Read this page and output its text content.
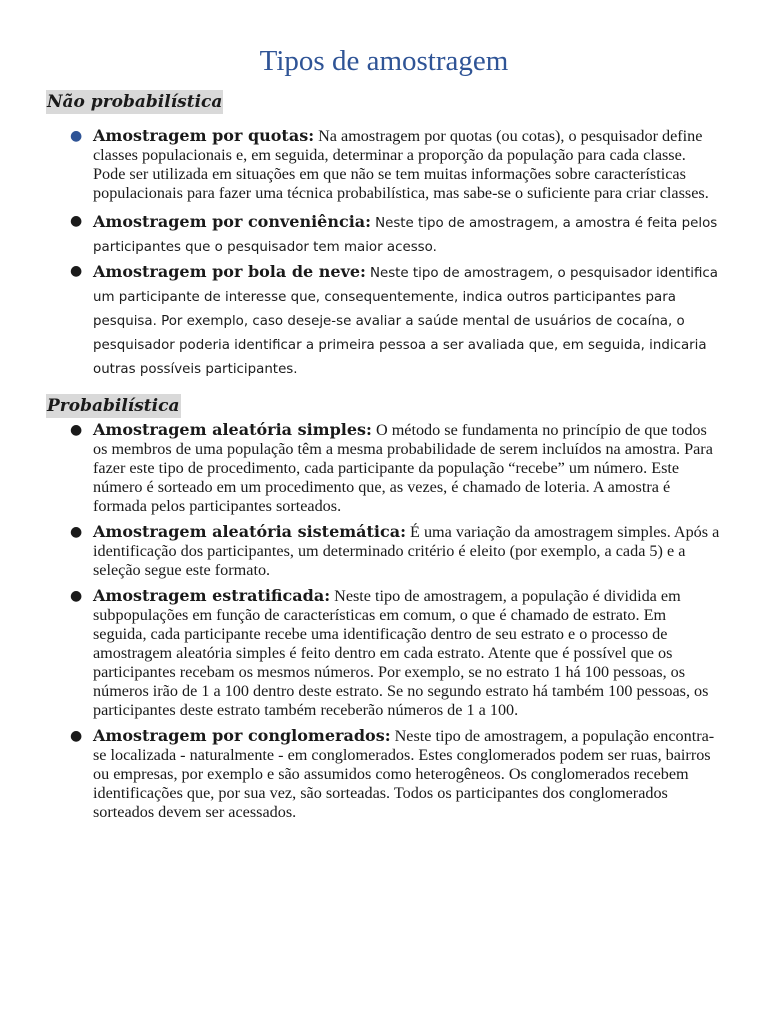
Tipos de amostragem
Não probabilística
● Amostragem por quotas: Na amostragem por quotas (ou cotas), o pesquisador define classes populacionais e, em seguida, determinar a proporção da população para cada classe. Pode ser utilizada em situações em que não se tem muitas informações sobre características populacionais para fazer uma técnica probabilística, mas sabe-se o suficiente para criar classes.
● Amostragem por conveniência: Neste tipo de amostragem, a amostra é feita pelos participantes que o pesquisador tem maior acesso.
● Amostragem por bola de neve: Neste tipo de amostragem, o pesquisador identifica um participante de interesse que, consequentemente, indica outros participantes para pesquisa. Por exemplo, caso deseje-se avaliar a saúde mental de usuários de cocaína, o pesquisador poderia identificar a primeira pessoa a ser avaliada que, em seguida, indicaria outras possíveis participantes.
Probabilística
● Amostragem aleatória simples: O método se fundamenta no princípio de que todos os membros de uma população têm a mesma probabilidade de serem incluídos na amostra. Para fazer este tipo de procedimento, cada participante da população “recebe” um número. Este número é sorteado em um procedimento que, as vezes, é chamado de loteria. A amostra é formada pelos participantes sorteados.
● Amostragem aleatória sistemática: É uma variação da amostragem simples. Após a identificação dos participantes, um determinado critério é eleito (por exemplo, a cada 5) e a seleção segue este formato.
● Amostragem estratificada: Neste tipo de amostragem, a população é dividida em subpopulações em função de características em comum, o que é chamado de estrato. Em seguida, cada participante recebe uma identificação dentro de seu estrato e o processo de amostragem aleatória simples é feito dentro em cada estrato. Atente que é possível que os participantes recebam os mesmos números. Por exemplo, se no estrato 1 há 100 pessoas, os números irão de 1 a 100 dentro deste estrato. Se no segundo estrato há também 100 pessoas, os participantes deste estrato também receberão números de 1 a 100.
● Amostragem por conglomerados: Neste tipo de amostragem, a população encontra-se localizada - naturalmente - em conglomerados. Estes conglomerados podem ser ruas, bairros ou empresas, por exemplo e são assumidos como heterogêneos. Os conglomerados recebem identificações que, por sua vez, são sorteadas. Todos os participantes dos conglomerados sorteados devem ser acessados.
